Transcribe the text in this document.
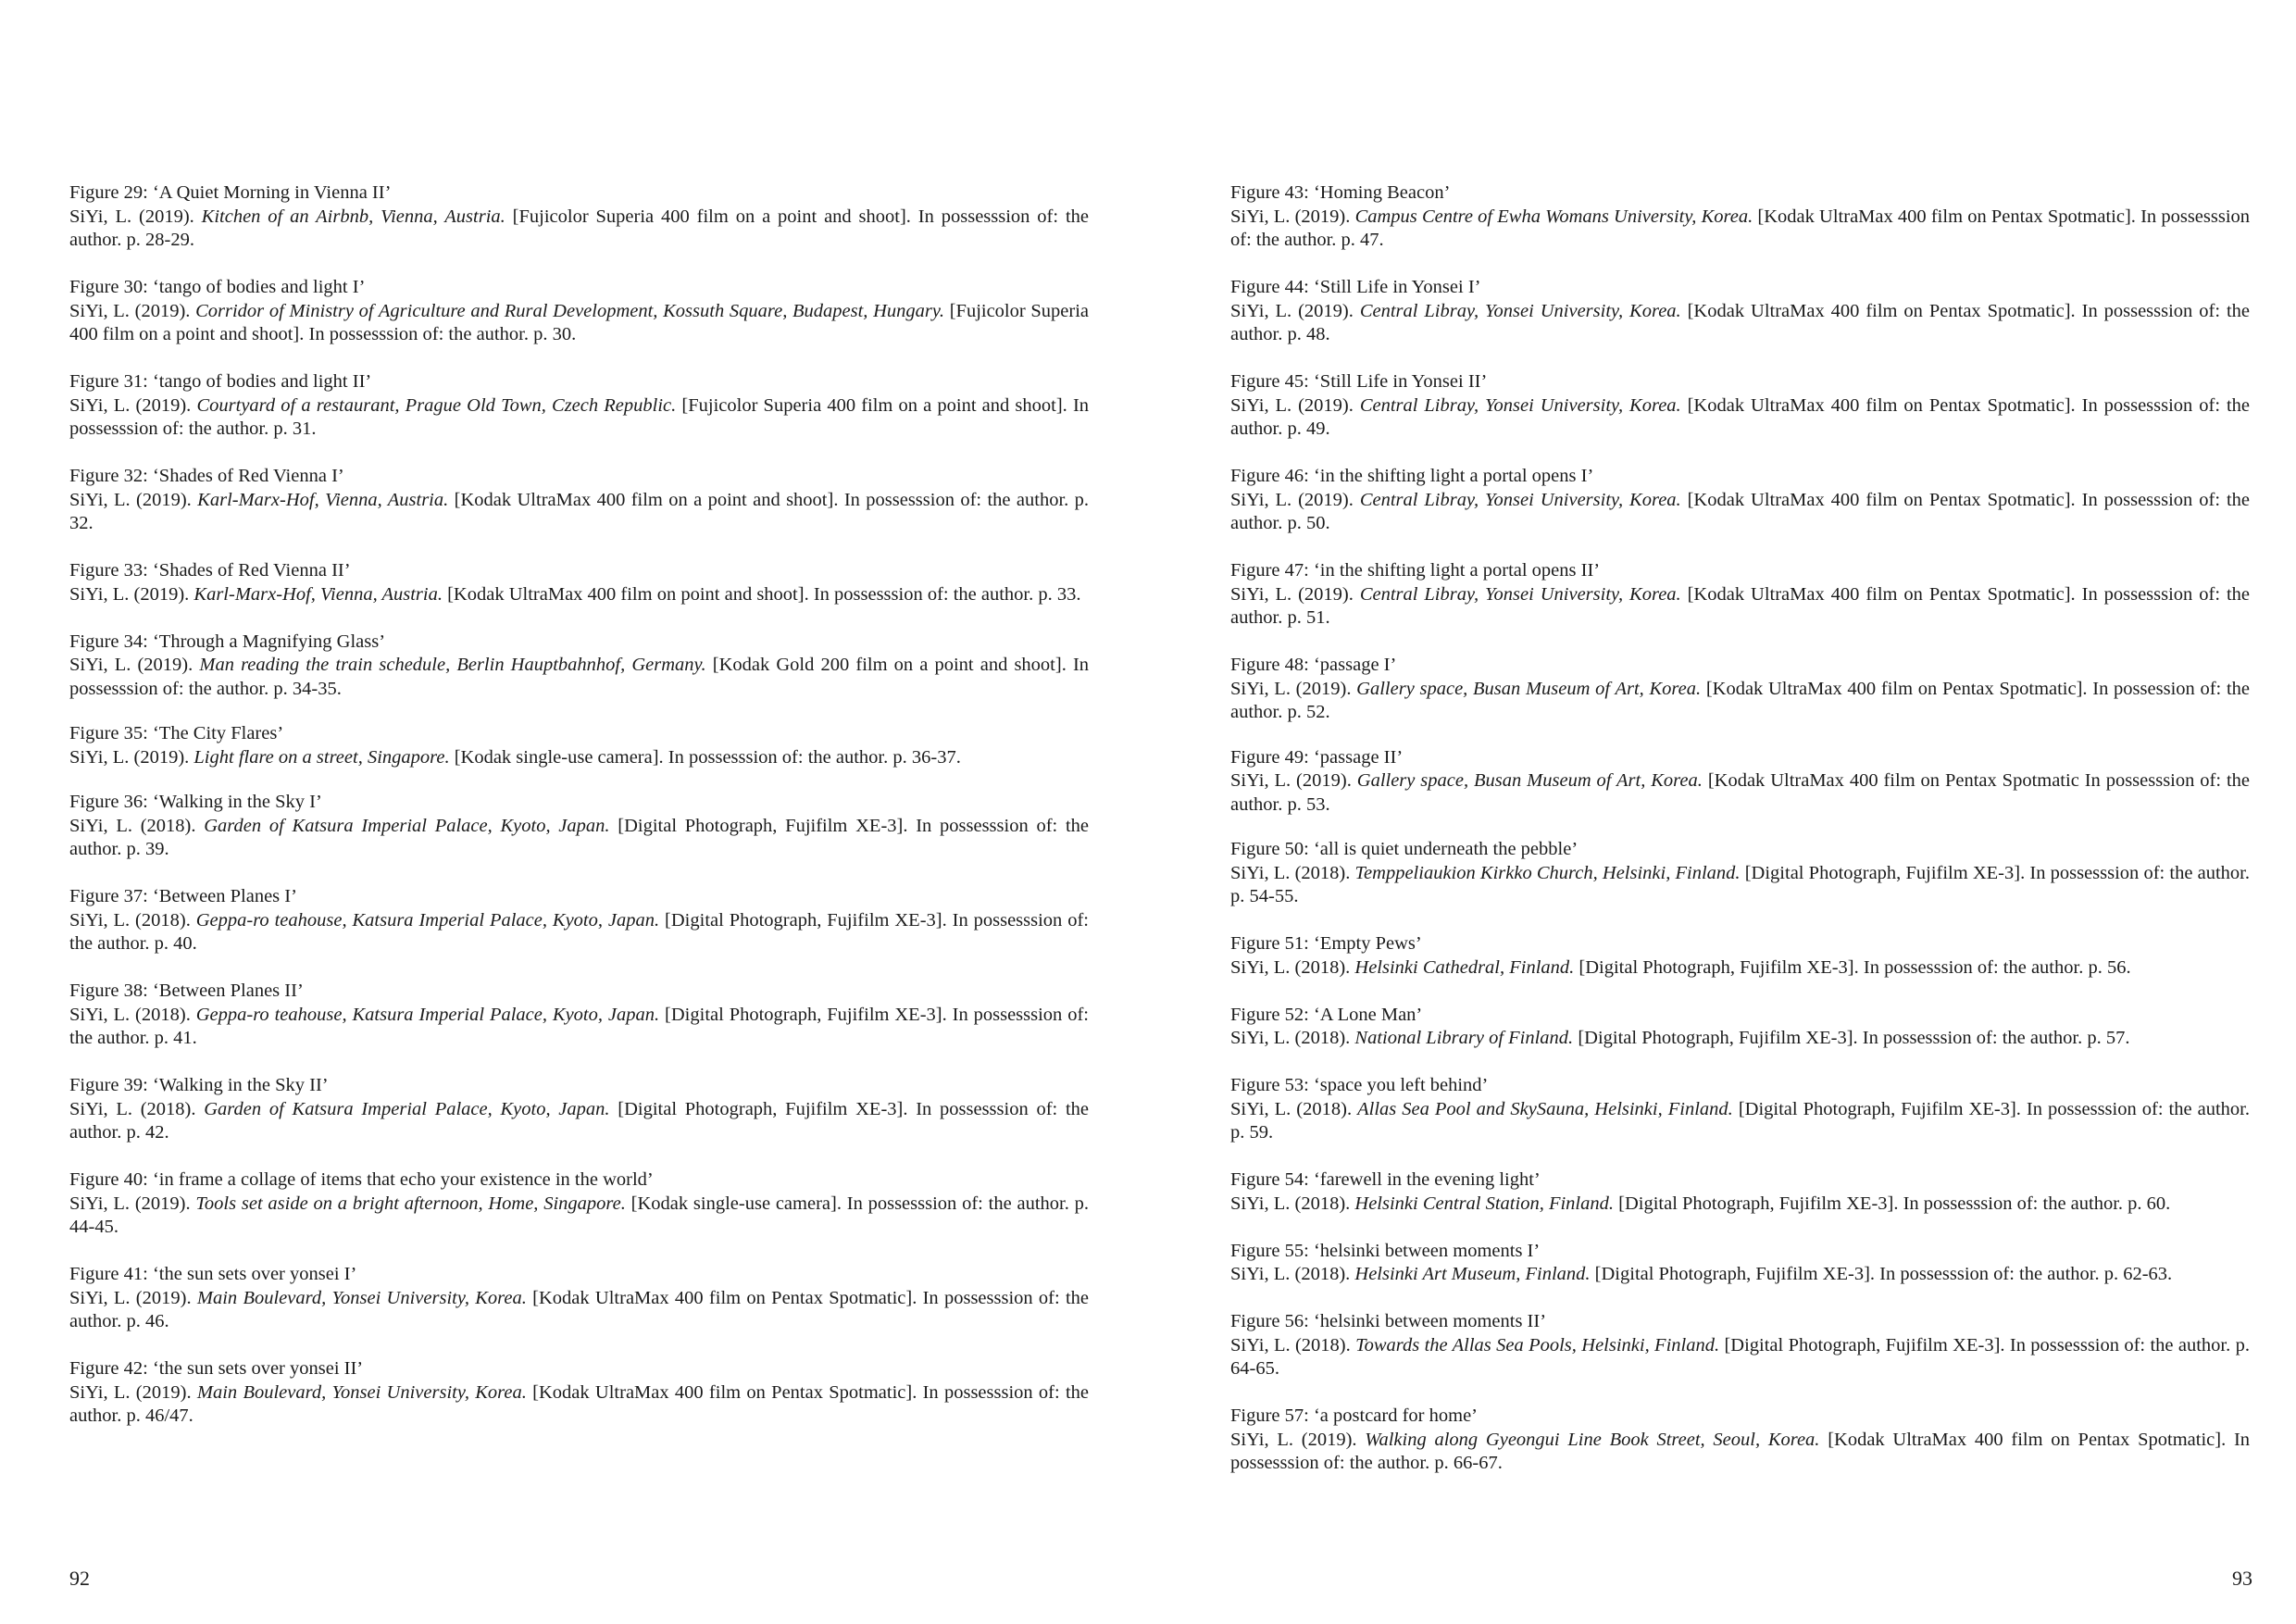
Figure 29: ‘A Quiet Morning in Vienna II’
SiYi, L. (2019). Kitchen of an Airbnb, Vienna, Austria. [Fujicolor Superia 400 film on a point and shoot]. In possesssion of: the author. p. 28-29.
Figure 30: ‘tango of bodies and light I’
SiYi, L. (2019). Corridor of Ministry of Agriculture and Rural Development, Kossuth Square, Budapest, Hungary. [Fujicolor Superia 400 film on a point and shoot]. In possesssion of: the author. p. 30.
Figure 31: ‘tango of bodies and light II’
SiYi, L. (2019). Courtyard of a restaurant, Prague Old Town, Czech Republic. [Fujicolor Superia 400 film on a point and shoot]. In possesssion of: the author. p. 31.
Figure 32: ‘Shades of Red Vienna I’
SiYi, L. (2019). Karl-Marx-Hof, Vienna, Austria. [Kodak UltraMax 400 film on a point and shoot]. In possesssion of: the author. p. 32.
Figure 33: ‘Shades of Red Vienna II’
SiYi, L. (2019). Karl-Marx-Hof, Vienna, Austria. [Kodak UltraMax 400 film on point and shoot]. In possesssion of: the author. p. 33.
Figure 34: ‘Through a Magnifying Glass’
SiYi, L. (2019). Man reading the train schedule, Berlin Hauptbahnhof, Germany. [Kodak Gold 200 film on a point and shoot]. In possesssion of: the author. p. 34-35.
Figure 35: ‘The City Flares’
SiYi, L. (2019). Light flare on a street, Singapore. [Kodak single-use camera]. In possesssion of: the author. p. 36-37.
Figure 36: ‘Walking in the Sky I’
SiYi, L. (2018). Garden of Katsura Imperial Palace, Kyoto, Japan. [Digital Photograph, Fujifilm XE-3]. In possesssion of: the author. p. 39.
Figure 37: ‘Between Planes I’
SiYi, L. (2018). Geppa-ro teahouse, Katsura Imperial Palace, Kyoto, Japan. [Digital Photograph, Fujifilm XE-3]. In possesssion of: the author. p. 40.
Figure 38: ‘Between Planes II’
SiYi, L. (2018). Geppa-ro teahouse, Katsura Imperial Palace, Kyoto, Japan. [Digital Photograph, Fujifilm XE-3]. In possesssion of: the author. p. 41.
Figure 39: ‘Walking in the Sky II’
SiYi, L. (2018). Garden of Katsura Imperial Palace, Kyoto, Japan. [Digital Photograph, Fujifilm XE-3]. In possesssion of: the author. p. 42.
Figure 40: ‘in frame a collage of items that echo your existence in the world’
SiYi, L. (2019). Tools set aside on a bright afternoon, Home, Singapore. [Kodak single-use camera]. In possesssion of: the author. p. 44-45.
Figure 41: ‘the sun sets over yonsei I’
SiYi, L. (2019). Main Boulevard, Yonsei University, Korea. [Kodak UltraMax 400 film on Pentax Spotmatic]. In possesssion of: the author. p. 46.
Figure 42: ‘the sun sets over yonsei II’
SiYi, L. (2019). Main Boulevard, Yonsei University, Korea. [Kodak UltraMax 400 film on Pentax Spotmatic]. In possesssion of: the author. p. 46/47.
Figure 43: ‘Homing Beacon’
SiYi, L. (2019). Campus Centre of Ewha Womans University, Korea. [Kodak UltraMax 400 film on Pentax Spotmatic]. In possesssion of: the author. p. 47.
Figure 44: ‘Still Life in Yonsei I’
SiYi, L. (2019). Central Libray, Yonsei University, Korea. [Kodak UltraMax 400 film on Pentax Spotmatic]. In possesssion of: the author. p. 48.
Figure 45: ‘Still Life in Yonsei II’
SiYi, L. (2019). Central Libray, Yonsei University, Korea. [Kodak UltraMax 400 film on Pentax Spotmatic]. In possesssion of: the author. p. 49.
Figure 46: ‘in the shifting light a portal opens I’
SiYi, L. (2019). Central Libray, Yonsei University, Korea. [Kodak UltraMax 400 film on Pentax Spotmatic]. In possesssion of: the author. p. 50.
Figure 47: ‘in the shifting light a portal opens II’
SiYi, L. (2019). Central Libray, Yonsei University, Korea. [Kodak UltraMax 400 film on Pentax Spotmatic]. In possesssion of: the author. p. 51.
Figure 48: ‘passage I’
SiYi, L. (2019). Gallery space, Busan Museum of Art, Korea. [Kodak UltraMax 400 film on Pentax Spotmatic]. In possession of: the author. p. 52.
Figure 49: ‘passage II’
SiYi, L. (2019). Gallery space, Busan Museum of Art, Korea. [Kodak UltraMax 400 film on Pentax Spotmatic In possesssion of: the author. p. 53.
Figure 50: ‘all is quiet underneath the pebble’
SiYi, L. (2018). Temppeliaukion Kirkko Church, Helsinki, Finland. [Digital Photograph, Fujifilm XE-3]. In possesssion of: the author. p. 54-55.
Figure 51: ‘Empty Pews’
SiYi, L. (2018). Helsinki Cathedral, Finland. [Digital Photograph, Fujifilm XE-3]. In possesssion of: the author. p. 56.
Figure 52: ‘A Lone Man’
SiYi, L. (2018). National Library of Finland. [Digital Photograph, Fujifilm XE-3]. In possesssion of: the author. p. 57.
Figure 53: ‘space you left behind’
SiYi, L. (2018). Allas Sea Pool and SkySauna, Helsinki, Finland. [Digital Photograph, Fujifilm XE-3]. In possesssion of: the author. p. 59.
Figure 54: ‘farewell in the evening light’
SiYi, L. (2018). Helsinki Central Station, Finland. [Digital Photograph, Fujifilm XE-3]. In possesssion of: the author. p. 60.
Figure 55: ‘helsinki between moments I’
SiYi, L. (2018). Helsinki Art Museum, Finland. [Digital Photograph, Fujifilm XE-3]. In possesssion of: the author. p. 62-63.
Figure 56: ‘helsinki between moments II’
SiYi, L. (2018). Towards the Allas Sea Pools, Helsinki, Finland. [Digital Photograph, Fujifilm XE-3]. In possesssion of: the author. p. 64-65.
Figure 57: ‘a postcard for home’
SiYi, L. (2019). Walking along Gyeongui Line Book Street, Seoul, Korea. [Kodak UltraMax 400 film on Pentax Spotmatic]. In possesssion of: the author. p. 66-67.
92	93
